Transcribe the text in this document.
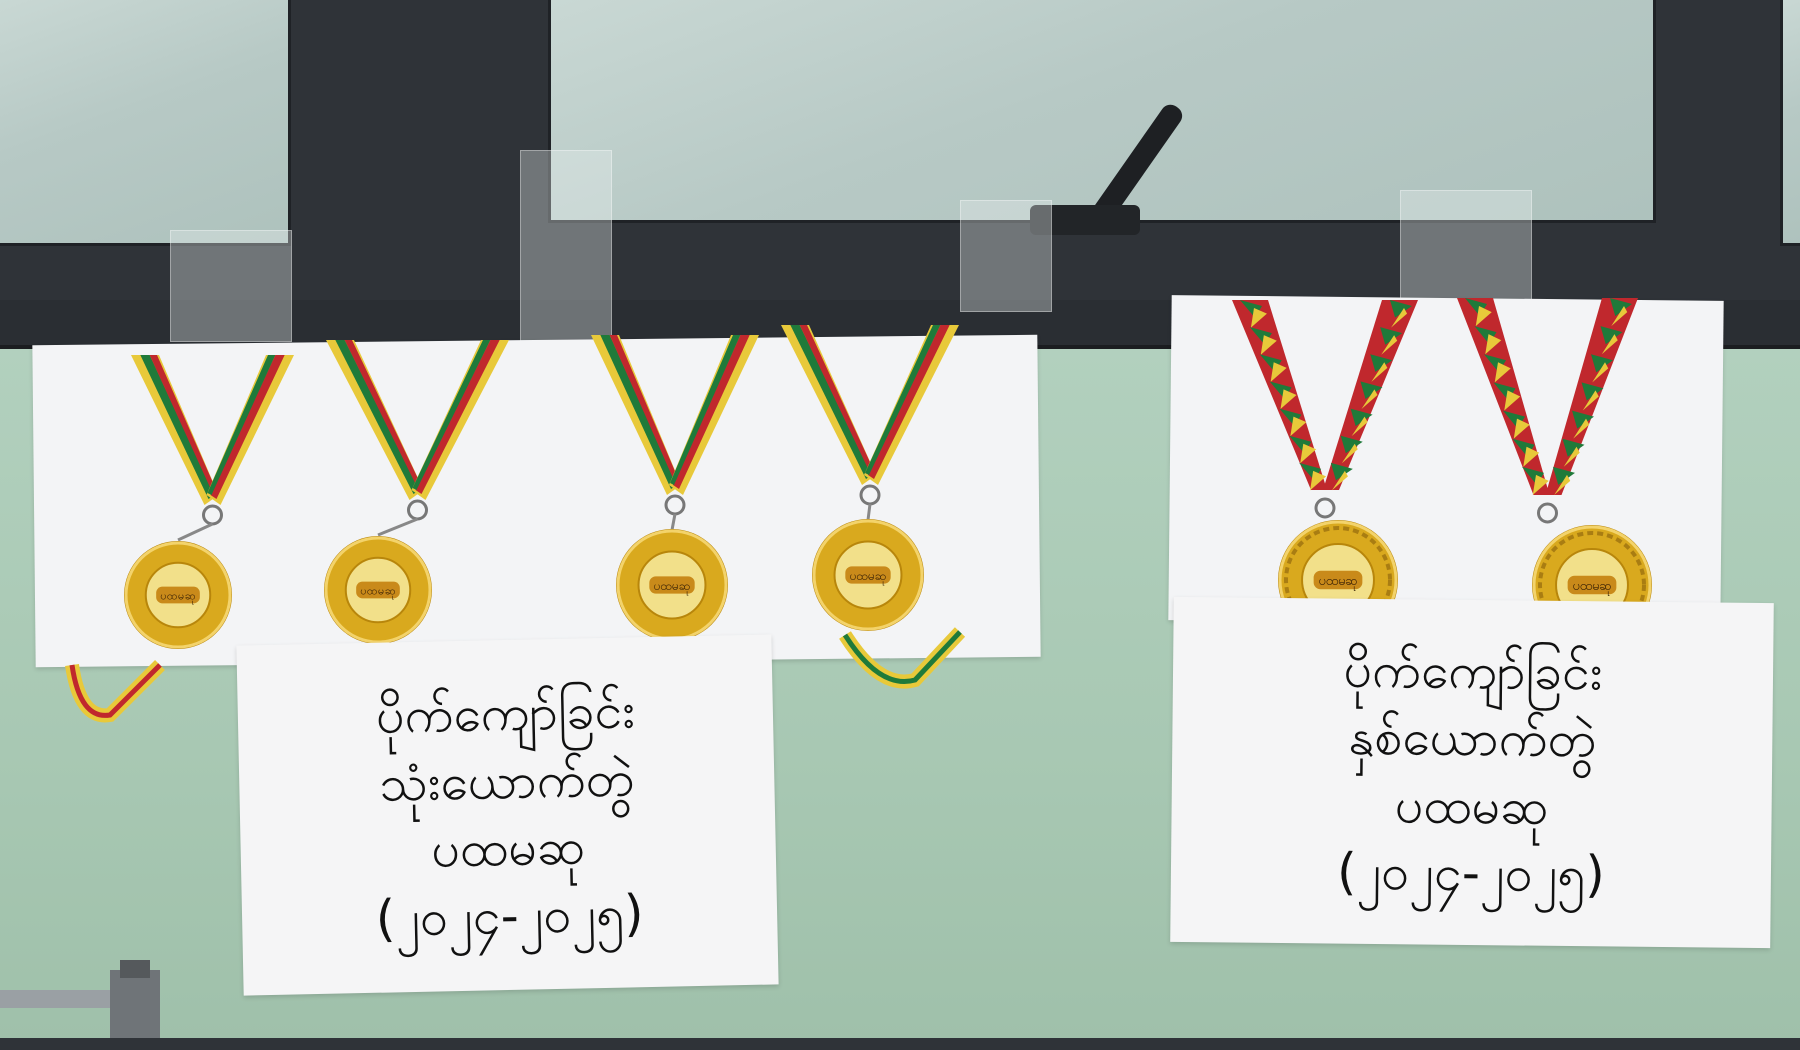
ပထမဆု	ပထမဆု	ပထမဆု
ပထမဆု	ပထမဆု	ပထမဆု
ပိုက်ကျော်ခြင်း
သုံးယောက်တွဲ
ပထမဆု
(၂၀၂၄-၂၀၂၅)
ပိုက်ကျော်ခြင်း
နှစ်ယောက်တွဲ
ပထမဆု
(၂၀၂၄-၂၀၂၅)
